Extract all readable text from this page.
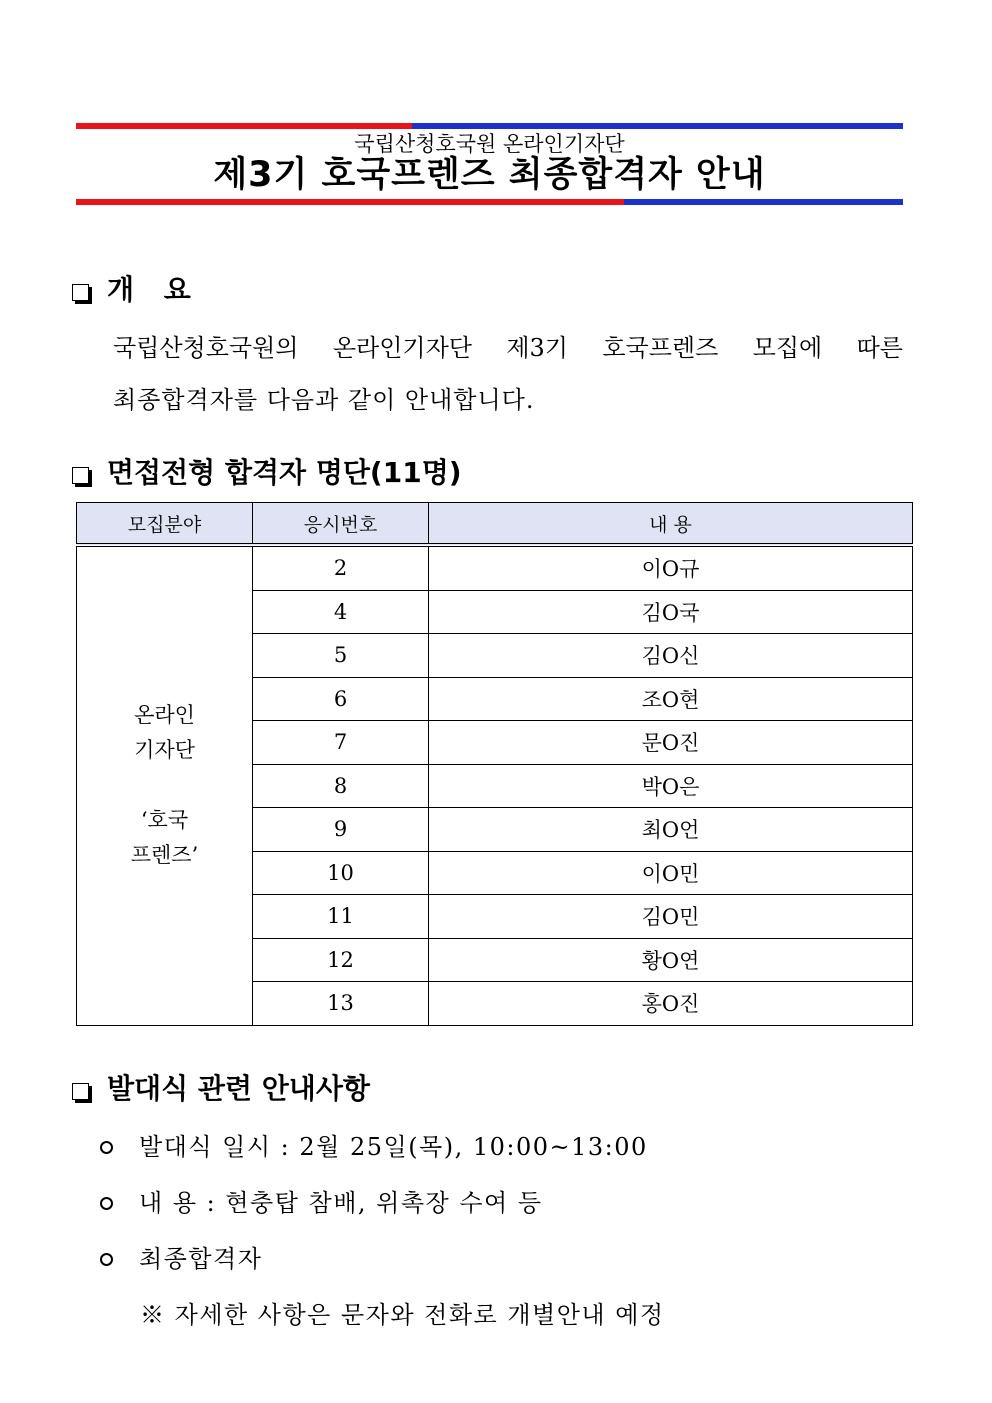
국립산청호국원 온라인기자단
제3기 호국프렌즈 최종합격자 안내
개 요
국립산청호국원의 온라인기자단 제3기 호국프렌즈 모집에 따른
최종합격자를 다음과 같이 안내합니다.
면접전형 합격자 명단(11명)
모집분야	응시번호	내 용

온라인
기자단
‘호국
프렌즈’	2	이O규
	4	김O국
	5	김O신
	6	조O현
	7	문O진
	8	박O은
	9	최O언
	10	이O민
	11	김O민
	12	황O연
	13	홍O진
발대식 관련 안내사항
발대식 일시 : 2월 25일(목), 10:00~13:00
내 용 : 현충탑 참배, 위촉장 수여 등
최종합격자
※ 자세한 사항은 문자와 전화로 개별안내 예정
